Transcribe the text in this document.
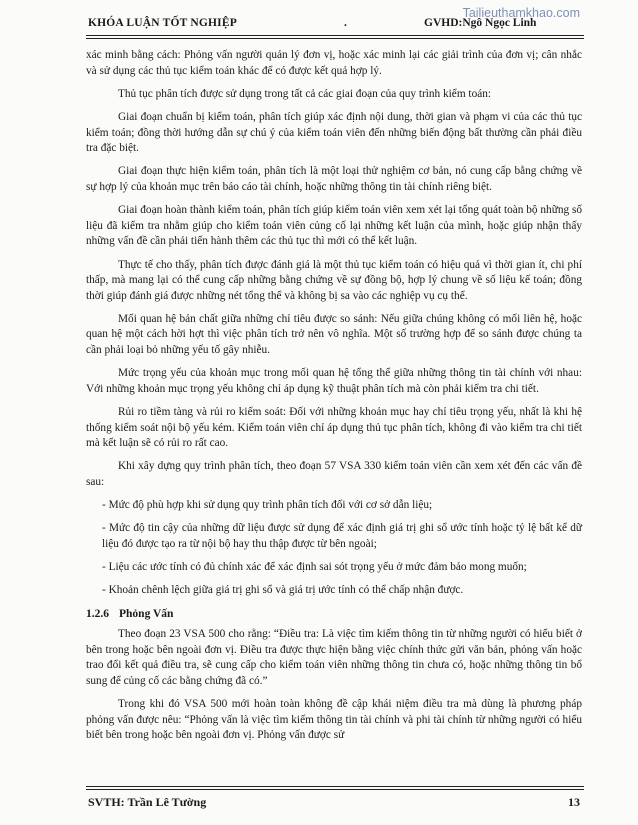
KHÓA LUẬN TỐT NGHIỆP	.	GVHD:Ngô Ngọc Linh
Tailieuthamkhao.com

xác minh bằng cách: Phỏng vấn người quản lý đơn vị, hoặc xác minh lại các giải trình của đơn vị; cân nhắc và sử dụng các thủ tục kiểm toán khác để có được kết quả hợp lý.

Thủ tục phân tích được sử dụng trong tất cả các giai đoạn của quy trình kiểm toán:

Giai đoạn chuẩn bị kiểm toán, phân tích giúp xác định nội dung, thời gian và phạm vi của các thủ tục kiểm toán; đồng thời hướng dẫn sự chú ý của kiểm toán viên đến những biến động bất thường cần phải điều tra đặc biệt.

Giai đoạn thực hiện kiểm toán, phân tích là một loại thử nghiệm cơ bản, nó cung cấp bằng chứng về sự hợp lý của khoản mục trên báo cáo tài chính, hoặc những thông tin tài chính riêng biệt.

Giai đoạn hoàn thành kiểm toán, phân tích giúp kiểm toán viên xem xét lại tổng quát toàn bộ những số liệu đã kiểm tra nhằm giúp cho kiểm toán viên củng cố lại những kết luận của mình, hoặc giúp nhận thấy những vấn đề cần phải tiến hành thêm các thủ tục thì mới có thể kết luận.

Thực tế cho thấy, phân tích được đánh giá là một thủ tục kiểm toán có hiệu quả vì thời gian ít, chi phí thấp, mà mang lại có thể cung cấp những bằng chứng về sự đồng bộ, hợp lý chung về số liệu kế toán; đồng thời giúp đánh giá được những nét tổng thể và không bị sa vào các nghiệp vụ cụ thể.

Mối quan hệ bản chất giữa những chỉ tiêu được so sánh: Nếu giữa chúng không có mối liên hệ, hoặc quan hệ một cách hời hợt thì việc phân tích trở nên vô nghĩa. Một số trường hợp để so sánh được chúng ta cần phải loại bỏ những yếu tố gây nhiễu.

Mức trọng yếu của khoản mục trong mối quan hệ tổng thể giữa những thông tin tài chính với nhau: Với những khoản mục trọng yếu không chỉ áp dụng kỹ thuật phân tích mà còn phải kiểm tra chi tiết.

Rủi ro tiềm tàng và rủi ro kiểm soát: Đối với những khoản mục hay chỉ tiêu trọng yếu, nhất là khi hệ thống kiểm soát nội bộ yếu kém. Kiểm toán viên chỉ áp dụng thủ tục phân tích, không đi vào kiểm tra chi tiết mà kết luận sẽ có rủi ro rất cao.

Khi xây dựng quy trình phân tích, theo đoạn 57 VSA 330 kiểm toán viên cần xem xét đến các vấn đề sau:

- Mức độ phù hợp khi sử dụng quy trình phân tích đối với cơ sở dẫn liệu;

- Mức độ tin cậy của những dữ liệu được sử dụng để xác định giá trị ghi sổ ước tính hoặc tỷ lệ bất kể dữ liệu đó được tạo ra từ nội bộ hay thu thập được từ bên ngoài;

- Liệu các ước tính có đủ chính xác để xác định sai sót trọng yếu ở mức đảm bảo mong muốn;

- Khoản chênh lệch giữa giá trị ghi sổ và giá trị ước tính có thể chấp nhận được.

1.2.6 Phỏng Vấn

Theo đoạn 23 VSA 500 cho rằng: “Điều tra: Là việc tìm kiếm thông tin từ những người có hiểu biết ở bên trong hoặc bên ngoài đơn vị. Điều tra được thực hiện bằng việc chính thức gửi văn bản, phỏng vấn hoặc trao đổi kết quả điều tra, sẽ cung cấp cho kiểm toán viên những thông tin chưa có, hoặc những thông tin bổ sung để củng cố các bằng chứng đã có.”

Trong khi đó VSA 500 mới hoàn toàn không đề cập khái niệm điều tra mà dùng là phương pháp phỏng vấn được nêu: “Phỏng vấn là việc tìm kiếm thông tin tài chính và phi tài chính từ những người có hiểu biết bên trong hoặc bên ngoài đơn vị. Phỏng vấn được sử

SVTH: Trần Lê Tường	13
